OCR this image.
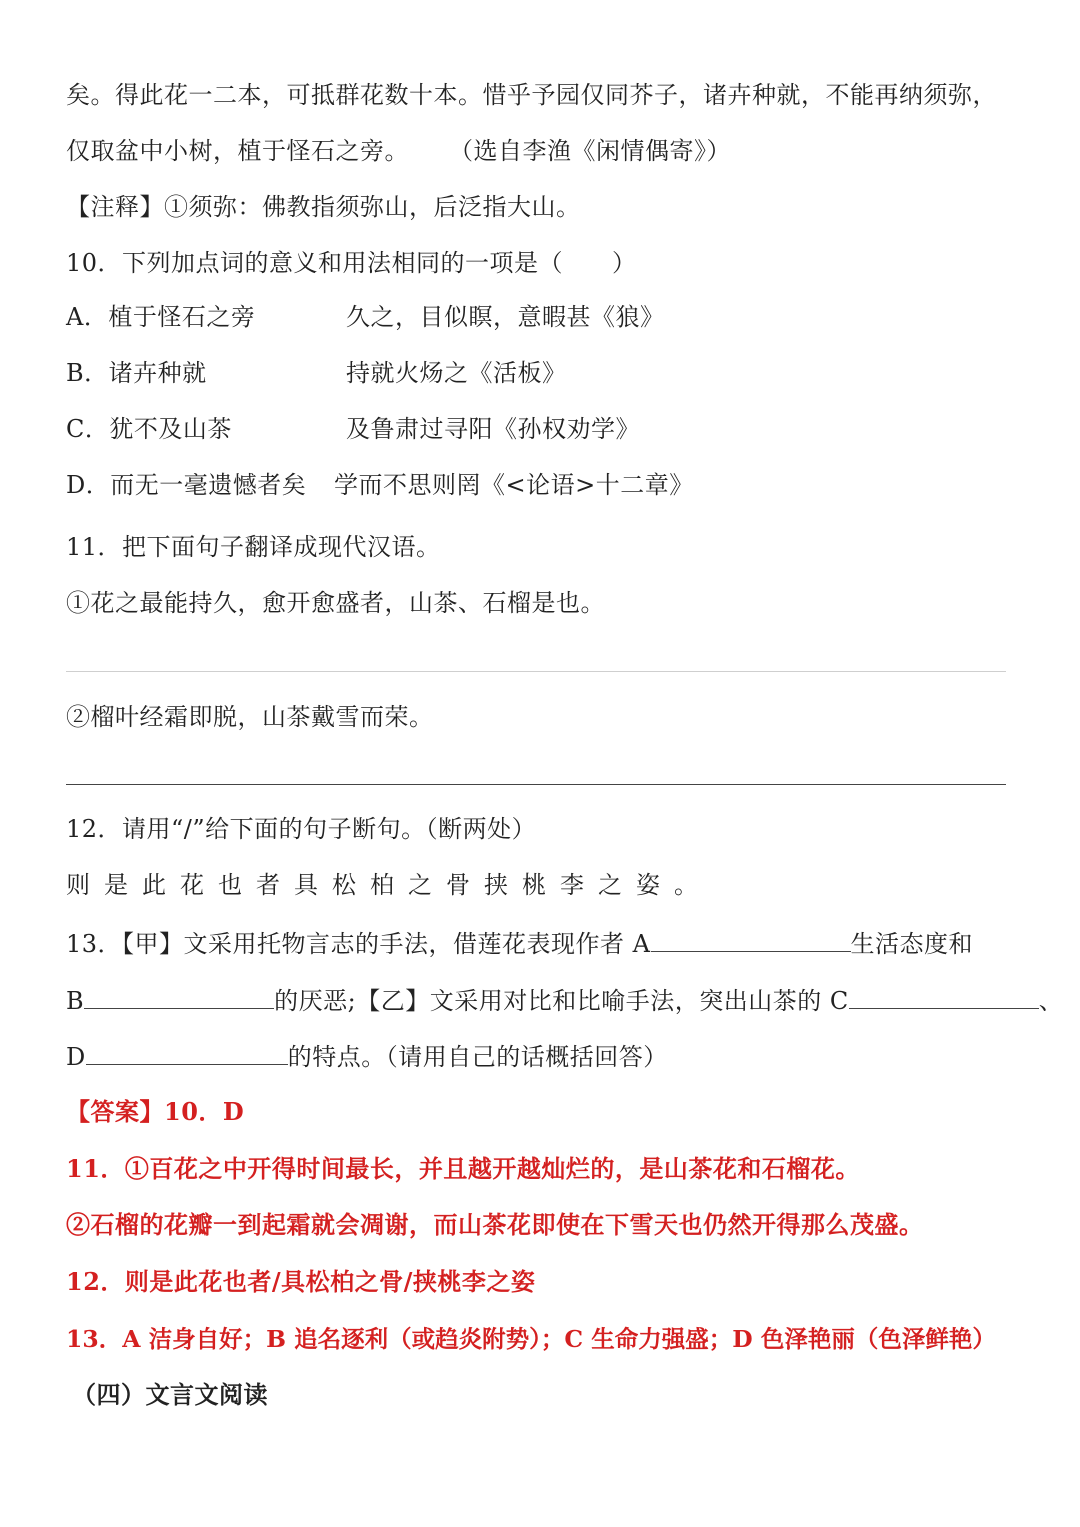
矣。得此花一二本，可抵群花数十本。惜乎予园仅同芥子，诸卉种就，不能再纳须弥，
仅取盆中小树，植于怪石之旁。 （选自李渔《闲情偶寄》）
【注释】①须弥：佛教指须弥山，后泛指大山。
10．下列加点词的意义和用法相同的一项是（　　）
A．植于怪石之旁	久之，目似瞑，意暇甚《狼》
B．诸卉种就	持就火炀之《活板》
C．犹不及山茶	及鲁肃过寻阳《孙权劝学》
D．而无一毫遗憾者矣 学而不思则罔《<论语>十二章》
11．把下面句子翻译成现代汉语。
①花之最能持久，愈开愈盛者，山茶、石榴是也。
②榴叶经霜即脱，山茶戴雪而荣。
12．请用“/”给下面的句子断句。（断两处）
则是此花也者具松柏之骨挟桃李之姿。
13．【甲】文采用托物言志的手法，借莲花表现作者 A	生活态度和
B	的厌恶;【乙】文采用对比和比喻手法，突出山茶的 C	、
D	的特点。（请用自己的话概括回答）
【答案】10．D
11．①百花之中开得时间最长，并且越开越灿烂的，是山茶花和石榴花。
②石榴的花瓣一到起霜就会凋谢，而山茶花即使在下雪天也仍然开得那么茂盛。
12．则是此花也者/具松柏之骨/挟桃李之姿
13．A 洁身自好；B 追名逐利（或趋炎附势）；C 生命力强盛；D 色泽艳丽（色泽鲜艳）
（四）文言文阅读
